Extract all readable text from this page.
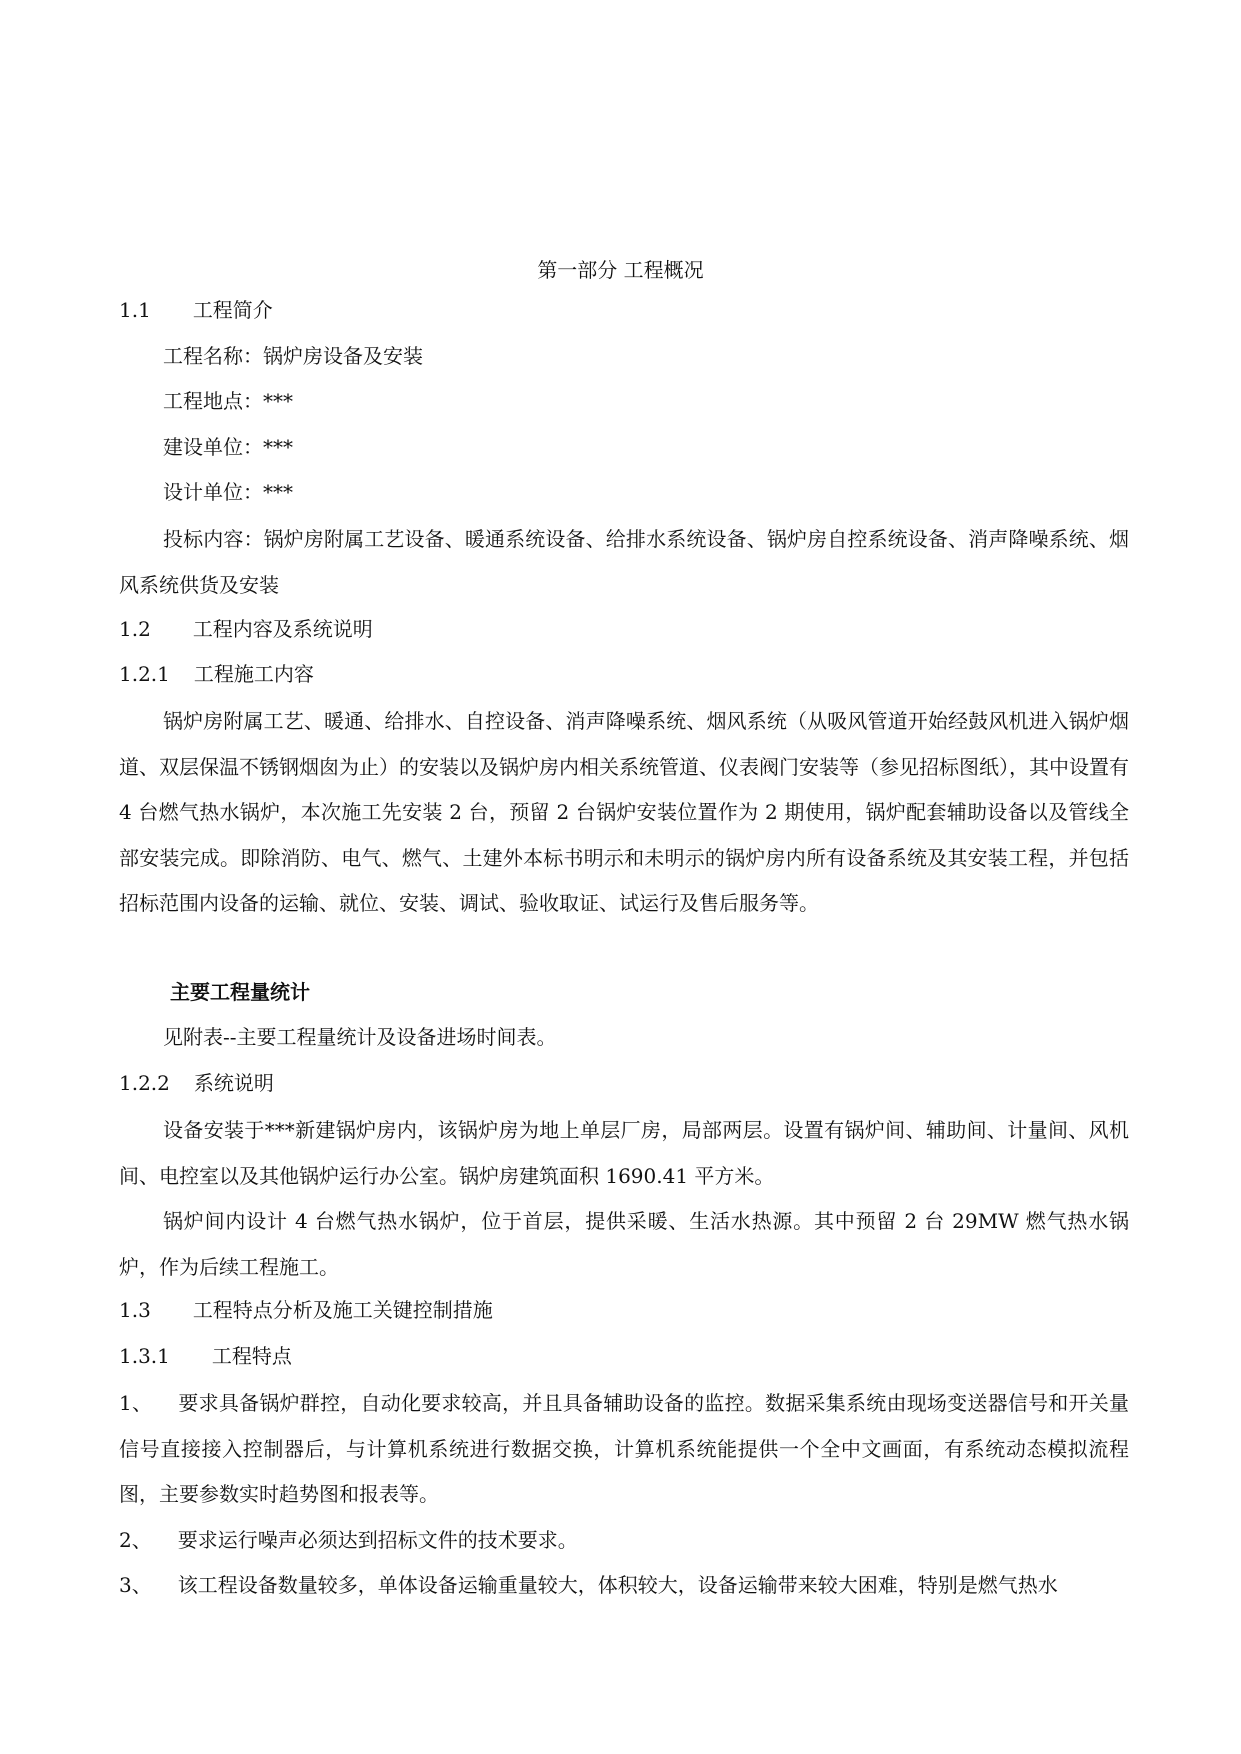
第一部分 工程概况

1.1 工程简介

工程名称：锅炉房设备及安装

工程地点：***

建设单位：***

设计单位：***

投标内容：锅炉房附属工艺设备、暖通系统设备、给排水系统设备、锅炉房自控系统设备、消声降噪系统、烟风系统供货及安装

1.2 工程内容及系统说明

1.2.1 工程施工内容

锅炉房附属工艺、暖通、给排水、自控设备、消声降噪系统、烟风系统（从吸风管道开始经鼓风机进入锅炉烟道、双层保温不锈钢烟囱为止）的安装以及锅炉房内相关系统管道、仪表阀门安装等（参见招标图纸），其中设置有 4 台燃气热水锅炉，本次施工先安装 2 台，预留 2 台锅炉安装位置作为 2 期使用，锅炉配套辅助设备以及管线全部安装完成。即除消防、电气、燃气、土建外本标书明示和未明示的锅炉房内所有设备系统及其安装工程，并包括招标范围内设备的运输、就位、安装、调试、验收取证、试运行及售后服务等。

主要工程量统计

见附表--主要工程量统计及设备进场时间表。

1.2.2 系统说明

设备安装于***新建锅炉房内，该锅炉房为地上单层厂房，局部两层。设置有锅炉间、辅助间、计量间、风机间、电控室以及其他锅炉运行办公室。锅炉房建筑面积 1690.41 平方米。

锅炉间内设计 4 台燃气热水锅炉，位于首层，提供采暖、生活水热源。其中预留 2 台 29MW 燃气热水锅炉，作为后续工程施工。

1.3 工程特点分析及施工关键控制措施

1.3.1 工程特点

1、 要求具备锅炉群控，自动化要求较高，并且具备辅助设备的监控。数据采集系统由现场变送器信号和开关量信号直接接入控制器后，与计算机系统进行数据交换，计算机系统能提供一个全中文画面，有系统动态模拟流程图，主要参数实时趋势图和报表等。

2、 要求运行噪声必须达到招标文件的技术要求。

3、 该工程设备数量较多，单体设备运输重量较大，体积较大，设备运输带来较大困难，特别是燃气热水
